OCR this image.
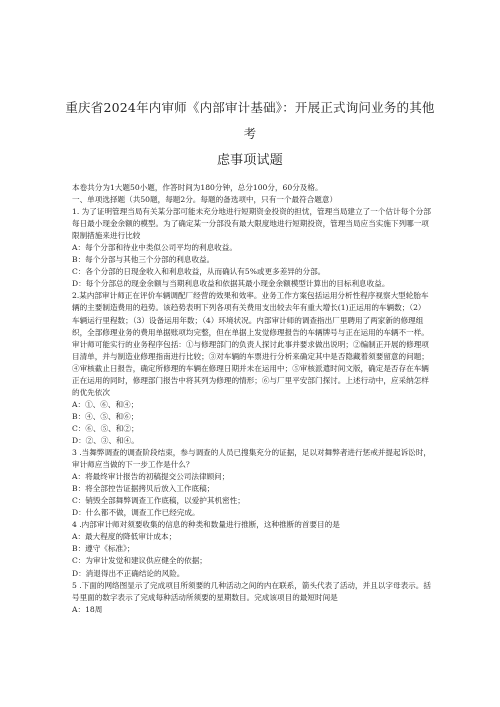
重庆省2024年内审师《内部审计基础》：开展正式询问业务的其他
考
虑事项试题

本卷共分为1大题50小题，作答时间为180分钟，总分100分，60分及格。

一、单项选择题（共50题，每题2分。每题的备选项中，只有一个最符合题意）

1. 为了证明管理当局有关某分部可能未充分地进行短期资金投资的担忧，管理当局建立了一个估计每个分部每日最小现金余额的模型。为了确定某一分部没有最大限度地进行短期投资，管理当局应当实施下列哪一项限制措施来进行比较

A：每个分部和待业中类似公司平均的利息收益。

B：每个分部与其他三个分部的利息收益。

C：各个分部的日现金收入和利息收益，从而确认有5%或更多差异的分部。

D：每个分部总的现金余额与当期利息收益和依据其最小现金余额模型计算出的目标利息收益。

2.某内部审计师正在评价车辆调配厂经营的效果和效率。业务工作方案包括运用分析性程序视察大型轮胎车辆的主要制造费用的趋势。该趋势表明下列各项有关费用支出较去年有重大增长(1)正运用的车辆数；（2）车辆运行里程数；（3）设备运用年数；（4）环境状况。内部审计师的调查指出厂里聘用了两家新的修理组织，全部修理业务的费用单据账项均完整，但在单据上发觉修理报告的车辆牌号与正在运用的车辆不一样。审计师可能实行的业务程序包括：①与修理部门的负责人探讨此事并要求做出说明；②编制正开展的修理项目清单，并与制造业修理指南进行比较；③对车辆的车票进行分析来确定其中是否隐藏着须要留意的问题；④审核截止日报告，确定所修理的车辆在修理日期并未在运用中；⑤审核派遣时间文版，确定是否存在车辆正在运用的同时，修理部门报告中将其列为修理的情形；⑥与厂里平安部门探讨。上述行动中，应采纳怎样的优先依次

A：①、⑥、和④；

B：④、⑤、和⑥；

C：⑥、⑤、和②；

D：②、③、和④。

3 .当舞弊调查的调查阶段结束，参与调查的人员已搜集充分的证据，足以对舞弊者进行惩戒并提起诉讼时，审计师应当做的下一步工作是什么？

A：将最终审计报告的初稿提交公司法律顾问；

B：将全部控告证据拷贝后放入工作底稿；

C：销毁全部舞弊调查工作底稿，以爱护其机密性；

D：什么都不做，调查工作已经完成。

4 .内部审计师对须要收集的信息的种类和数量进行推断，这种推断的首要目的是

A：最大程度的降低审计成本；

B：遵守《标准》；

C：为审计发觉和建议供应健全的依据；

D：消退得出不正确结论的风险。

5 .下面的网络图显示了完成项目所须要的几种活动之间的内在联系，箭头代表了活动，并且以字母表示。括号里面的数字表示了完成每种活动所须要的星期数目。完成该项目的最短时间是

A：18周
